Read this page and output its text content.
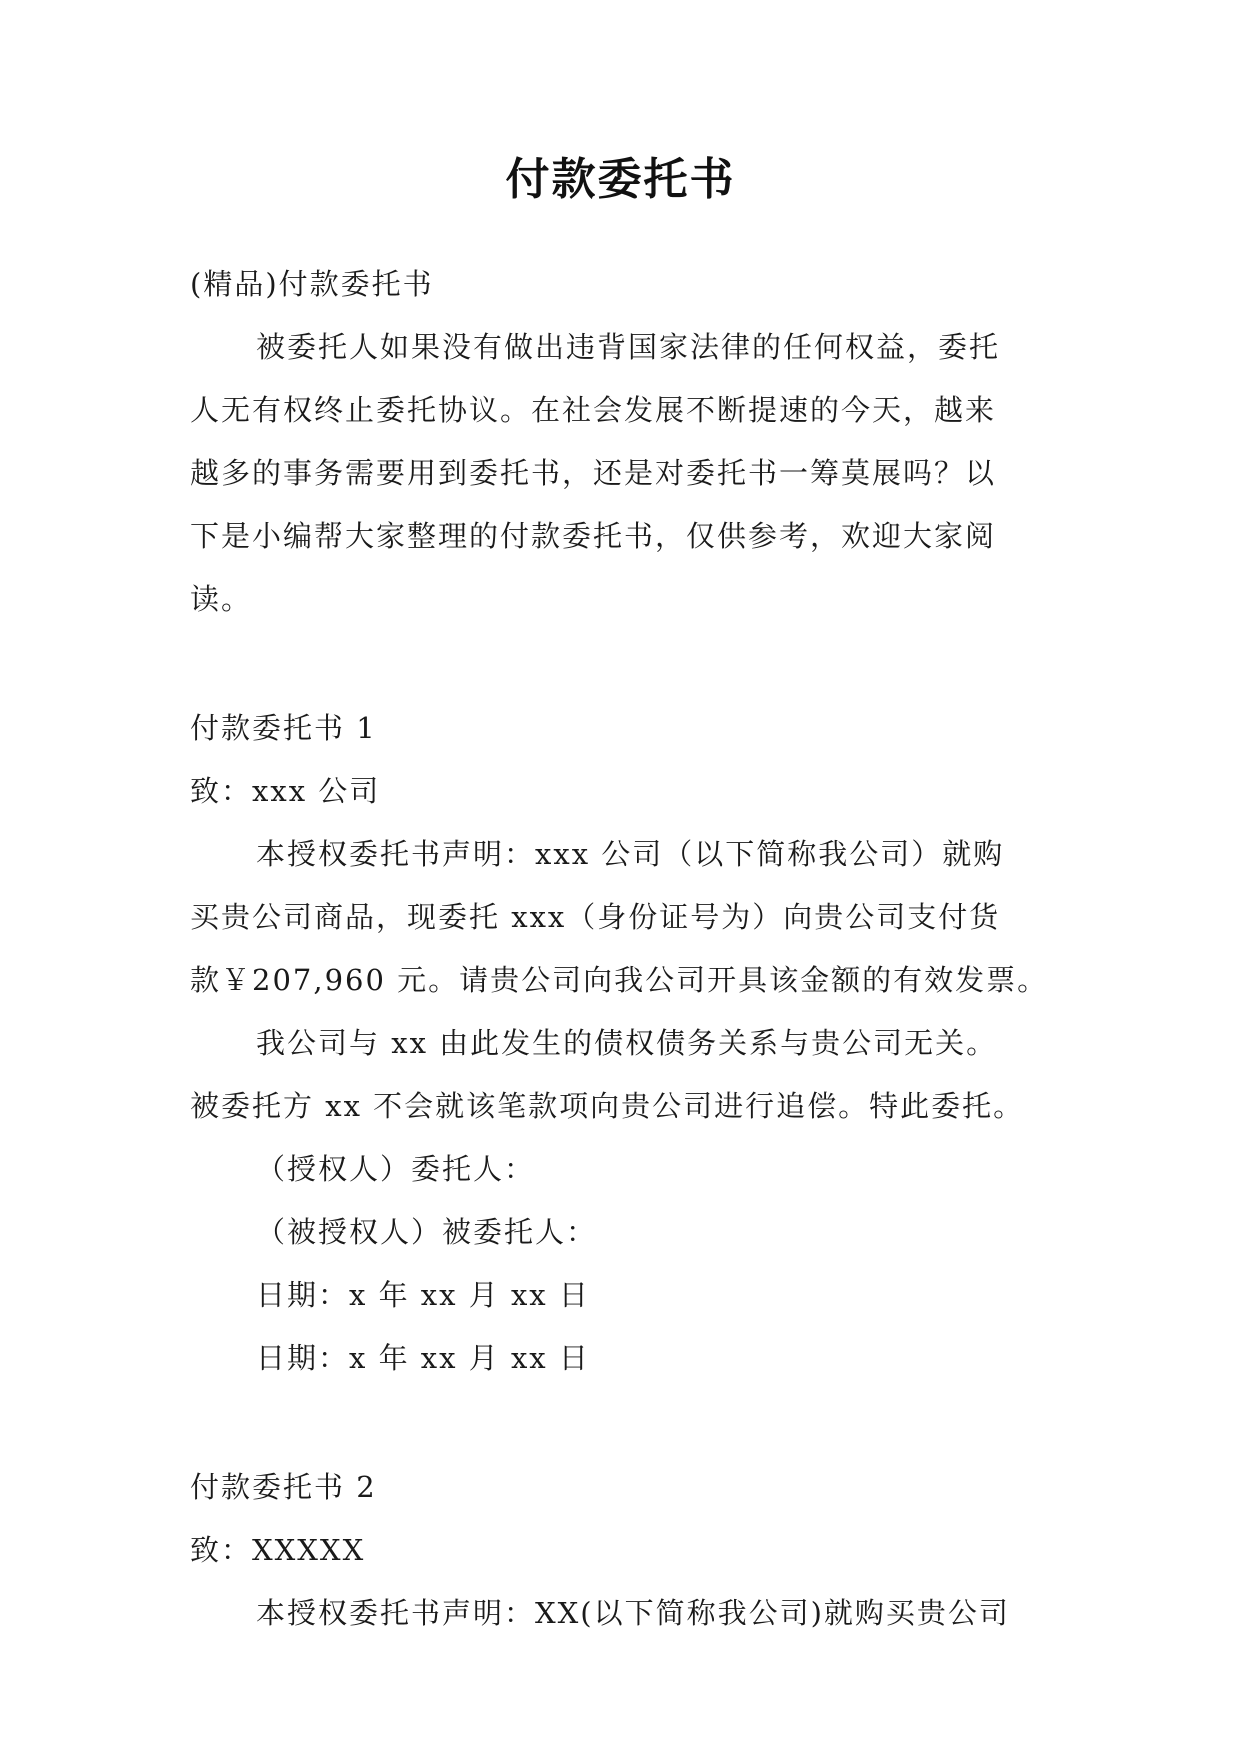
付款委托书
(精品)付款委托书
被委托人如果没有做出违背国家法律的任何权益，委托
人无有权终止委托协议。在社会发展不断提速的今天，越来
越多的事务需要用到委托书，还是对委托书一筹莫展吗？以
下是小编帮大家整理的付款委托书，仅供参考，欢迎大家阅
读。
付款委托书 1
致：xxx 公司
本授权委托书声明：xxx 公司（以下简称我公司）就购
买贵公司商品，现委托 xxx（身份证号为）向贵公司支付货
款￥207,960 元。请贵公司向我公司开具该金额的有效发票。
我公司与 xx 由此发生的债权债务关系与贵公司无关。
被委托方 xx 不会就该笔款项向贵公司进行追偿。特此委托。
（授权人）委托人：
（被授权人）被委托人：
日期：x 年 xx 月 xx 日
日期：x 年 xx 月 xx 日
付款委托书 2
致：XXXXX
本授权委托书声明：XX(以下简称我公司)就购买贵公司
